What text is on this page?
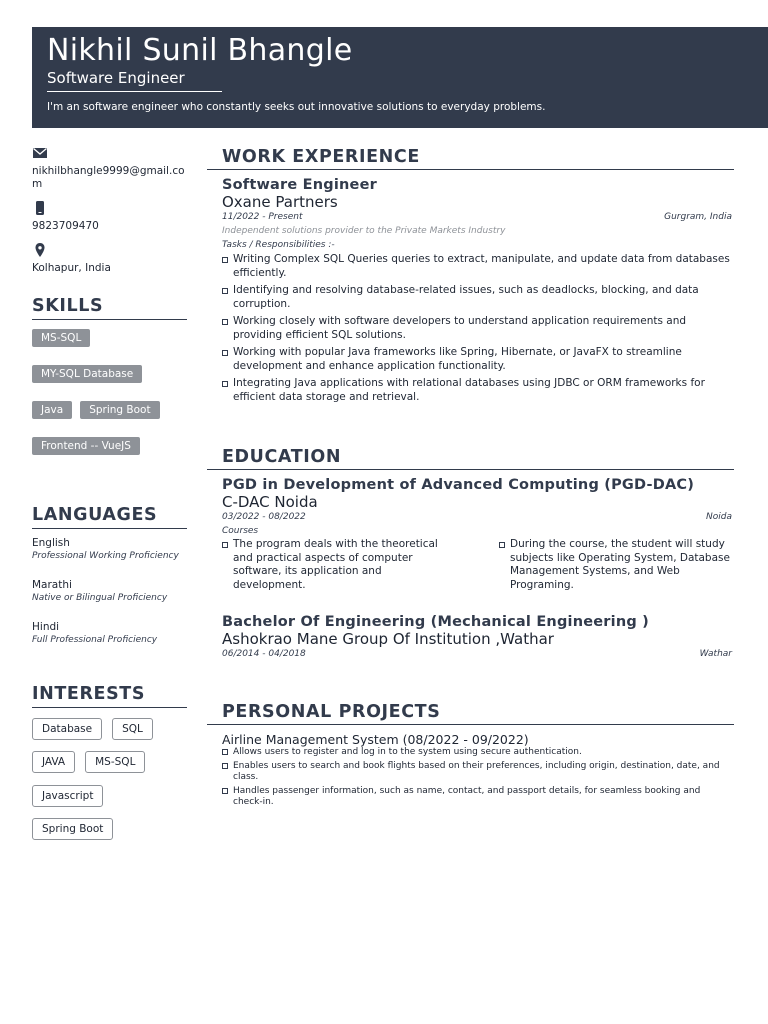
Nikhil Sunil Bhangle
Software Engineer
I'm an software engineer who constantly seeks out innovative solutions to everyday problems.
nikhilbhangle9999@gmail.com
9823709470
Kolhapur, India
SKILLS
MS-SQL
MY-SQL Database
Java	Spring Boot
Frontend -- VueJS
LANGUAGES
English
Professional Working Proficiency
Marathi
Native or Bilingual Proficiency
Hindi
Full Professional Proficiency
INTERESTS
Database	SQL
JAVA	MS-SQL
Javascript
Spring Boot
WORK EXPERIENCE
Software Engineer
Oxane Partners
11/2022 - Present	Gurgram, India
Independent solutions provider to the Private Markets Industry
Tasks / Responsibilities :-
Writing Complex SQL Queries queries to extract, manipulate, and update data from databases efficiently.
Identifying and resolving database-related issues, such as deadlocks, blocking, and data corruption.
Working closely with software developers to understand application requirements and providing efficient SQL solutions.
Working with popular Java frameworks like Spring, Hibernate, or JavaFX to streamline development and enhance application functionality.
Integrating Java applications with relational databases using JDBC or ORM frameworks for efficient data storage and retrieval.
EDUCATION
PGD in Development of Advanced Computing (PGD-DAC)
C-DAC Noida
03/2022 - 08/2022	Noida
Courses
The program deals with the theoretical and practical aspects of computer software, its application and development.
During the course, the student will study subjects like Operating System, Database Management Systems, and Web Programing.
Bachelor Of Engineering (Mechanical Engineering )
Ashokrao Mane Group Of Institution ,Wathar
06/2014 - 04/2018	Wathar
PERSONAL PROJECTS
Airline Management System (08/2022 - 09/2022)
Allows users to register and log in to the system using secure authentication.
Enables users to search and book flights based on their preferences, including origin, destination, date, and class.
Handles passenger information, such as name, contact, and passport details, for seamless booking and check-in.
